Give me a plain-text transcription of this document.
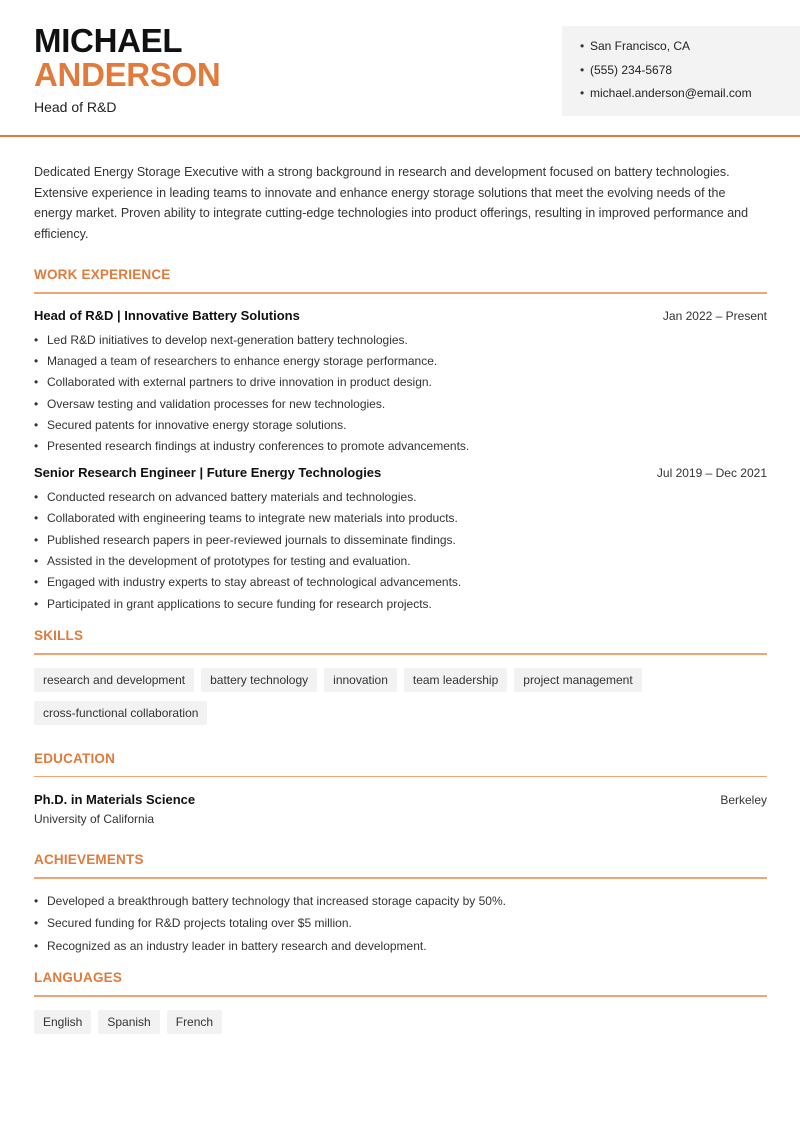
MICHAEL
ANDERSON
Head of R&D
• San Francisco, CA
• (555) 234-5678
• michael.anderson@email.com

Dedicated Energy Storage Executive with a strong background in research and development focused on battery technologies. Extensive experience in leading teams to innovate and enhance energy storage solutions that meet the evolving needs of the energy market. Proven ability to integrate cutting-edge technologies into product offerings, resulting in improved performance and efficiency.

WORK EXPERIENCE
Head of R&D | Innovative Battery Solutions	Jan 2022 – Present
• Led R&D initiatives to develop next-generation battery technologies.
• Managed a team of researchers to enhance energy storage performance.
• Collaborated with external partners to drive innovation in product design.
• Oversaw testing and validation processes for new technologies.
• Secured patents for innovative energy storage solutions.
• Presented research findings at industry conferences to promote advancements.
Senior Research Engineer | Future Energy Technologies	Jul 2019 – Dec 2021
• Conducted research on advanced battery materials and technologies.
• Collaborated with engineering teams to integrate new materials into products.
• Published research papers in peer-reviewed journals to disseminate findings.
• Assisted in the development of prototypes for testing and evaluation.
• Engaged with industry experts to stay abreast of technological advancements.
• Participated in grant applications to secure funding for research projects.
SKILLS
research and development	battery technology	innovation	team leadership	project management
cross-functional collaboration
EDUCATION
Ph.D. in Materials Science	Berkeley
University of California
ACHIEVEMENTS
• Developed a breakthrough battery technology that increased storage capacity by 50%.
• Secured funding for R&D projects totaling over $5 million.
• Recognized as an industry leader in battery research and development.
LANGUAGES
English	Spanish	French
